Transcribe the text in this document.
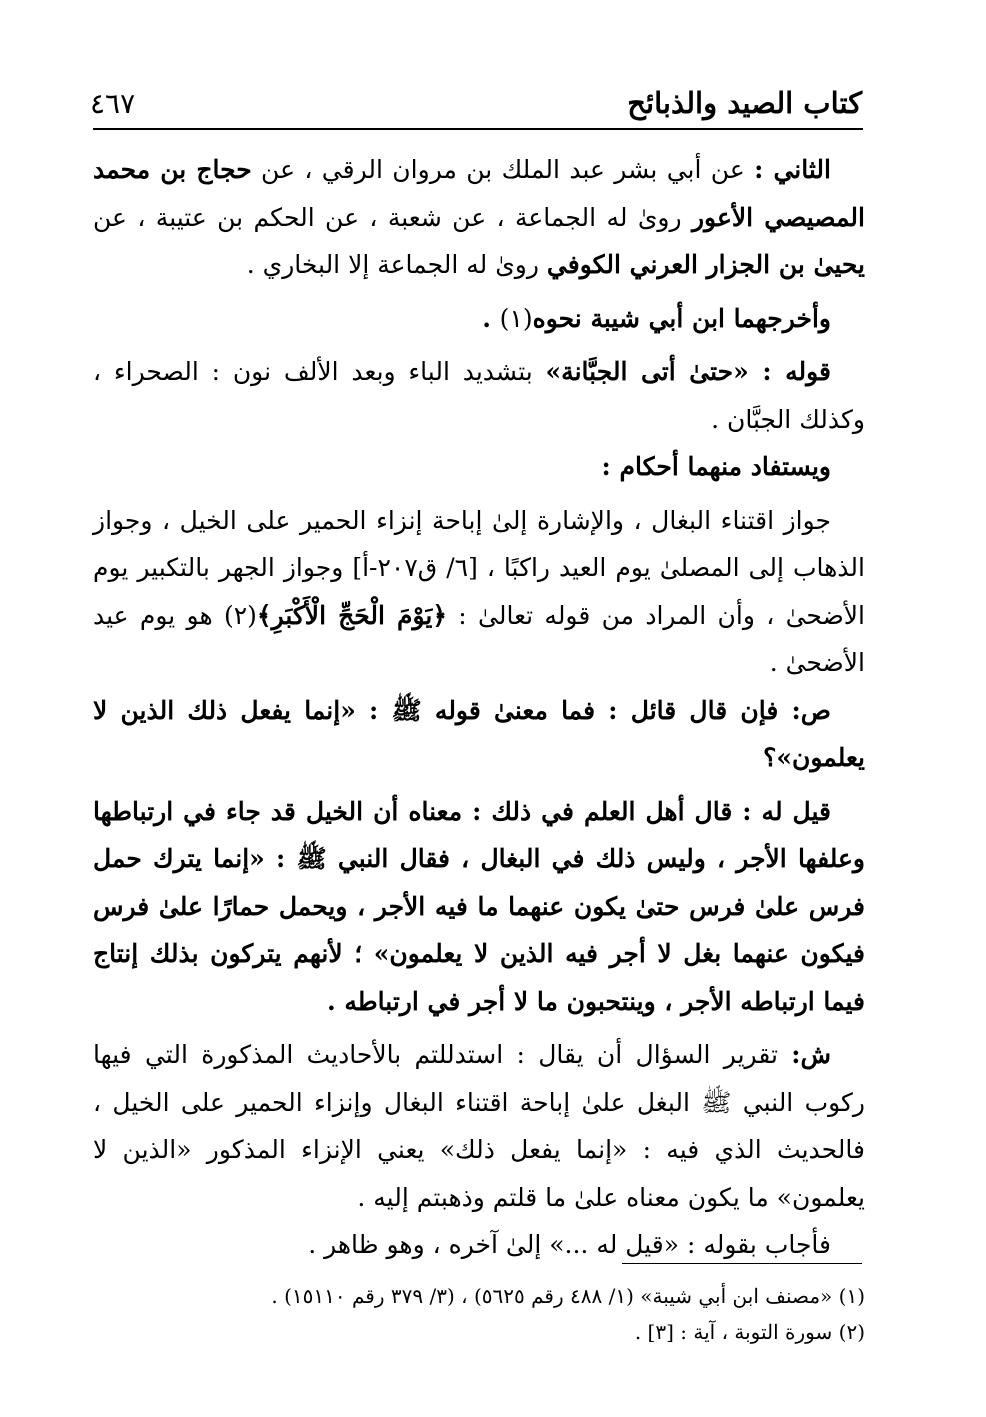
٤٦٧	كتاب الصيد والذبائح

الثاني : عن أبي بشر عبد الملك بن مروان الرقي ، عن حجاج بن محمد المصيصي الأعور روىٰ له الجماعة ، عن شعبة ، عن الحكم بن عتيبة ، عن يحيىٰ بن الجزار العرني الكوفي روىٰ له الجماعة إلا البخاري .

وأخرجهما ابن أبي شيبة نحوه(١) .

قوله : «حتىٰ أتى الجبَّانة» بتشديد الباء وبعد الألف نون : الصحراء ، وكذلك الجبَّان .

ويستفاد منهما أحكام :

جواز اقتناء البغال ، والإشارة إلىٰ إباحة إنزاء الحمير على الخيل ، وجواز الذهاب إلى المصلىٰ يوم العيد راكبًا ، [٦/ ق٢٠٧-أ] وجواز الجهر بالتكبير يوم الأضحىٰ ، وأن المراد من قوله تعالىٰ : ﴿يَوْمَ الْحَجِّ الْأَكْبَرِ﴾(٢) هو يوم عيد الأضحىٰ .

ص: فإن قال قائل : فما معنىٰ قوله ﷺ : «إنما يفعل ذلك الذين لا يعلمون»؟

قيل له : قال أهل العلم في ذلك : معناه أن الخيل قد جاء في ارتباطها وعلفها الأجر ، وليس ذلك في البغال ، فقال النبي ﷺ : «إنما يترك حمل فرس علىٰ فرس حتىٰ يكون عنهما ما فيه الأجر ، ويحمل حمارًا علىٰ فرس فيكون عنهما بغل لا أجر فيه الذين لا يعلمون» ؛ لأنهم يتركون بذلك إنتاج فيما ارتباطه الأجر ، وينتحبون ما لا أجر في ارتباطه .

ش: تقرير السؤال أن يقال : استدللتم بالأحاديث المذكورة التي فيها ركوب النبي ﷺ البغل علىٰ إباحة اقتناء البغال وإنزاء الحمير على الخيل ، فالحديث الذي فيه : «إنما يفعل ذلك» يعني الإنزاء المذكور «الذين لا يعلمون» ما يكون معناه علىٰ ما قلتم وذهبتم إليه .

فأجاب بقوله : «قيل له ...» إلىٰ آخره ، وهو ظاهر .

(١) «مصنف ابن أبي شيبة» (١/ ٤٨٨ رقم ٥٦٢٥) ، (٣/ ٣٧٩ رقم ١٥١١٠) .

(٢) سورة التوبة ، آية : [٣] .
